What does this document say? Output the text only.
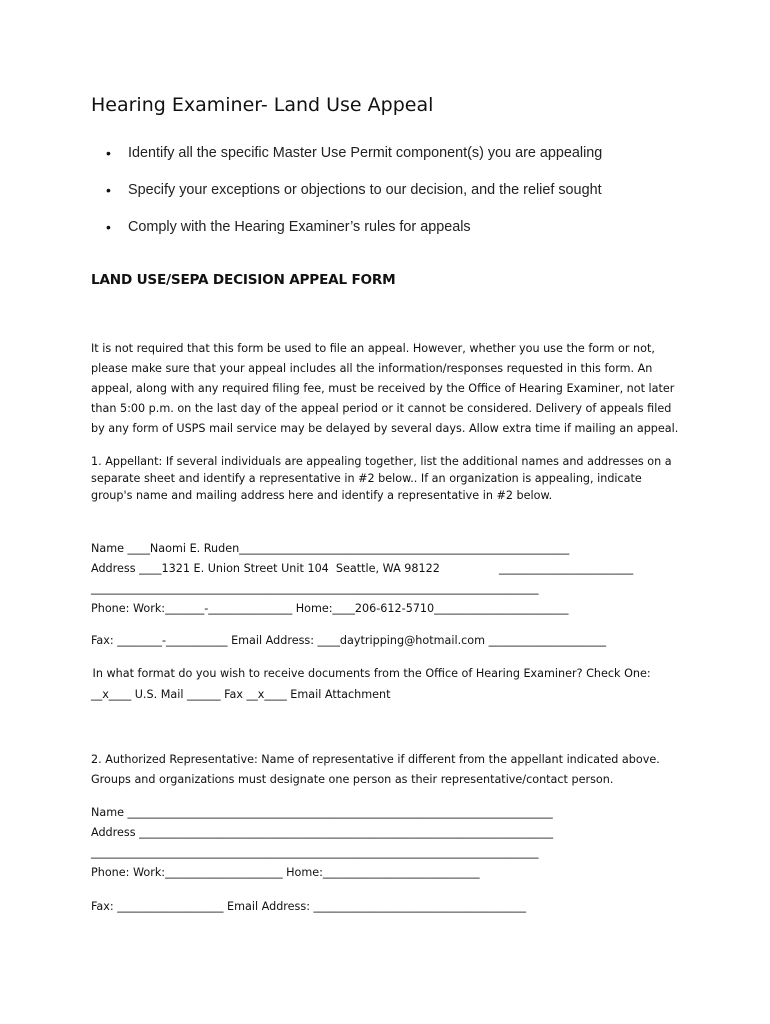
Hearing Examiner- Land Use Appeal

•

Identify all the specific Master Use Permit component(s) you are appealing

•

Specify your exceptions or objections to our decision, and the relief sought

•

Comply with the Hearing Examiner’s rules for appeals

LAND USE/SEPA DECISION APPEAL FORM
It is not required that this form be used to file an appeal. However, whether you use the form or not,
please make sure that your appeal includes all the information/responses requested in this form. An
appeal, along with any required filing fee, must be received by the Office of Hearing Examiner, not later
than 5:00 p.m. on the last day of the appeal period or it cannot be considered. Delivery of appeals filed
by any form of USPS mail service may be delayed by several days. Allow extra time if mailing an appeal.
1. Appellant: If several individuals are appealing together, list the additional names and addresses on a
separate sheet and identify a representative in #2 below.. If an organization is appealing, indicate
group's name and mailing address here and identify a representative in #2 below.
Name ____Naomi E. Ruden___________________________________________________________
Address ____1321 E. Union Street Unit 104  Seattle, WA 98122	________________________
________________________________________________________________________________
Phone: Work:_______-_______________ Home:____206-612-5710________________________
Fax: ________-___________ Email Address: ____daytripping@hotmail.com _____________________
In what format do you wish to receive documents from the Office of Hearing Examiner? Check One:
__x____ U.S. Mail ______ Fax __x____ Email Attachment
2. Authorized Representative: Name of representative if different from the appellant indicated above.
Groups and organizations must designate one person as their representative/contact person.
Name ____________________________________________________________________________
Address __________________________________________________________________________
________________________________________________________________________________
Phone: Work:_____________________ Home:____________________________
Fax: ___________________ Email Address: ______________________________________
